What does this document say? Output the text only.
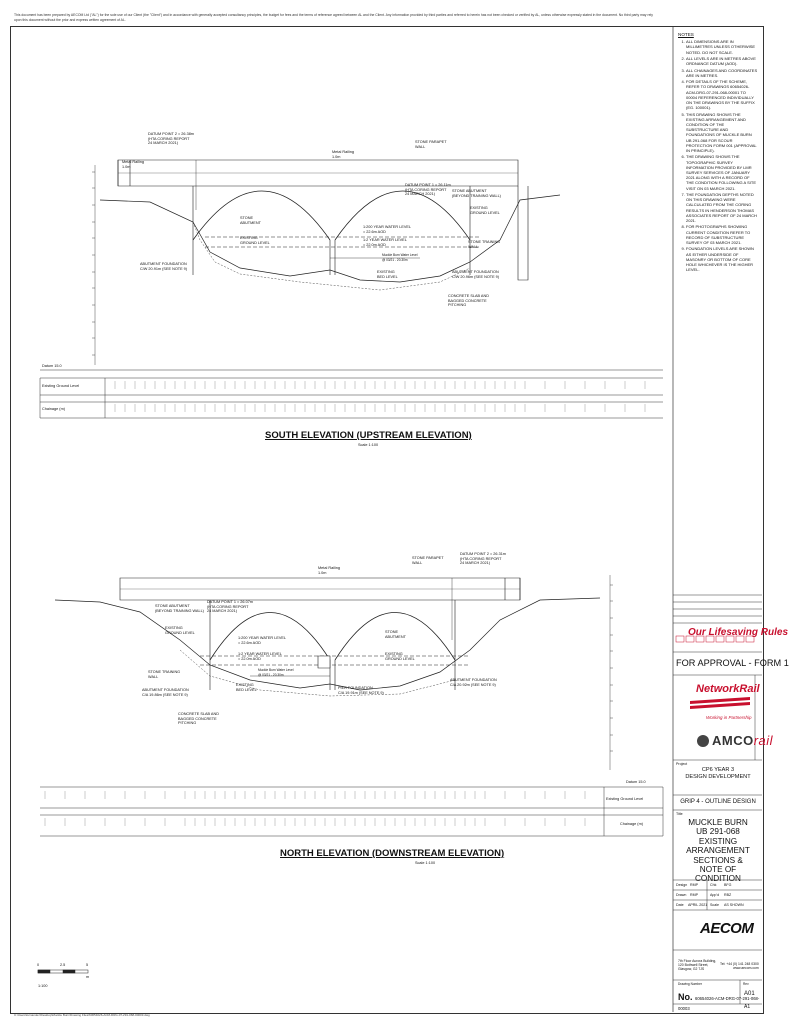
This document has been prepared by AECOM Ltd ("AL") for the sole use of our Client (the "Client") and in accordance with generally accepted consultancy principles, the budget for fees and the terms of reference agreed between AL and the Client. Any information provided by third parties and referred to herein has not been checked or verified by AL, unless otherwise expressly stated in the document. No third party may rely upon this document without the prior and express written agreement of AL.
NOTES
1. ALL DIMENSIONS ARE IN MILLIMETRES UNLESS OTHERWISE NOTED. DO NOT SCALE.
2. ALL LEVELS ARE IN METRES ABOVE ORDNANCE DATUM (AOD).
3. ALL CHAINAGES AND COORDINATES ARE IN METRES.
4. FOR DETAILS OF THE SCHEME, REFER TO DRAWINGS 60654026-ACM-DRG-07-291-068-00001 TO 00004 REFERENCED INDIVIDUALLY ON THE DRAWINGS BY THE SUFFIX (EG. 100001).
5. THIS DRAWING SHOWS THE EXISTING ARRANGEMENT AND CONDITION OF THE SUBSTRUCTURE AND FOUNDATIONS OF MUCKLE BURN UB 291-068 FOR SCOUR PROTECTION FORM 001 (APPROVAL IN PRINCIPLE).
6. THE DRAWING SHOWS THE TOPOGRAPHIC SURVEY INFORMATION PROVIDED BY LMR SURVEY SERVICES OF JANUARY 2021 ALONG WITH A RECORD OF THE CONDITION FOLLOWING A SITE VISIT ON 03 MARCH 2021.
7. THE FOUNDATION DEPTHS NOTED ON THIS DRAWING WERE CALCULATED FROM THE CORING RESULTS IN HENDERSON THOMAS ASSOCIATES REPORT OF 24 MARCH 2021.
8. FOR PHOTOGRAPHS SHOWING CURRENT CONDITION REFER TO RECORD OF SUBSTRUCTURE SURVEY OF 03 MARCH 2021.
9. FOUNDATION LEVELS ARE SHOWN AS EITHER UNDERSIDE OF MASONRY OR BOTTOM OF CORE HOLE WHICHEVER IS THE HIGHER LEVEL.
DATUM POINT 2 = 26.38m
(HTA CORING REPORT
24 MARCH 2021)
Metal Railing
1.0m
Metal Railing
1.0m
STONE PARAPET
WALL
DATUM POINT 1 = 26.11m
(HTA CORING REPORT
24 MARCH 2021)
STONE ABUTMENT
(BEYOND TRAINING WALL)
EXISTING
GROUND LEVEL
STONE
ABUTMENT
EXISTING
GROUND LEVEL
1:200 YEAR WATER LEVEL
= 22.6m AOD
1:2 YEAR WATER LEVEL
= 22.0m AOD
Muckle Burn Water Level
@ 03/21 - 20.30m
EXISTING
BED LEVEL
STONE TRAINING
WALL
ABUTMENT FOUNDATION
C/W 20.91m (SEE NOTE 9)
ABUTMENT FOUNDATION
C/W 20.96m (SEE NOTE 9)
CONCRETE SLAB AND
BAGGED CONCRETE
PITCHING
Datum 15.0
Existing Ground Level
Chainage (m)
SOUTH ELEVATION (UPSTREAM ELEVATION)
Scale 1:100
STONE PARAPET
WALL
DATUM POINT 2 = 26.31m
(HTA CORING REPORT
24 MARCH 2021)
Metal Railing
1.0m
DATUM POINT 1 = 26.07m
(HTA CORING REPORT
24 MARCH 2021)
STONE ABUTMENT
(BEYOND TRAINING WALL)
EXISTING
GROUND LEVEL
1:200 YEAR WATER LEVEL
= 22.6m AOD
1:2 YEAR WATER LEVEL
= 22.0m AOD
Muckle Burn Water Level
@ 03/21 - 20.30m
STONE
ABUTMENT
EXISTING
GROUND LEVEL
STONE TRAINING
WALL
ABUTMENT FOUNDATION
C/A 19.86m (SEE NOTE 9)
EXISTING
BED LEVEL	PIER FOUNDATION
C/A 19.91m (SEE NOTE 9)
ABUTMENT FOUNDATION
C/A 20.92m (SEE NOTE 9)
CONCRETE SLAB AND
BAGGED CONCRETE
PITCHING
Datum 15.0
Existing Ground Level
Chainage (m)
NORTH ELEVATION (DOWNSTREAM ELEVATION)
Scale 1:100
Our Lifesaving Rules
FOR APPROVAL - FORM 1
NetworkRail
Working in Partnership
AMCOrail
Project
CP6 YEAR 3
DESIGN DEVELOPMENT
GRIP 4 - OUTLINE DESIGN
Title
MUCKLE BURN
UB 291-068
EXISTING ARRANGEMENT
SECTIONS &
NOTE OF CONDITION
Design RMP
Drawn RMP
Date APRIL 2021
Chk BFG
App'd RBZ
Scale AS SHOWN
AECOM
7th Floor Aurora Building,
120 Bothwell Street,
Glasgow, G2 7JS
Tel: +44 (0) 141 248 0300
www.aecom.com
Drawing Number	Rev
No. 60654026-ACM-DRG-07-291-068-00003
A01
A1
0	2.5	5
m
1:100
C:\Users\fernandez\Desktop\Muckle Burn\Drawing Files\60654026-ACM-DRG-07-291-068-00003.dwg
